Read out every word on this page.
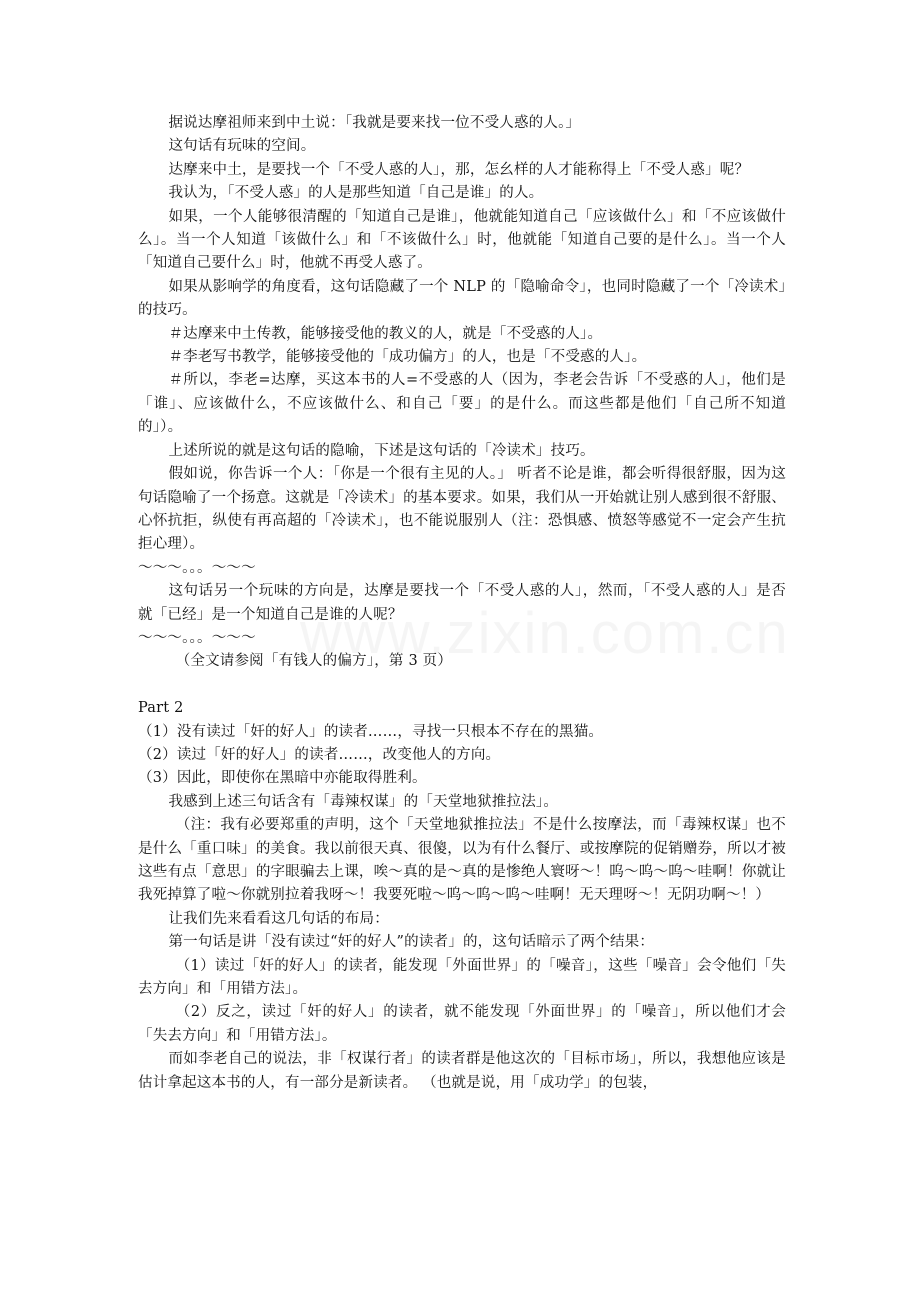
据说达摩祖师来到中土说：「我就是要来找一位不受人惑的人。」

这句话有玩味的空间。

达摩来中土，是要找一个「不受人惑的人」，那，怎幺样的人才能称得上「不受人惑」呢？

我认为，「不受人惑」的人是那些知道「自己是谁」的人。

如果，一个人能够很清醒的「知道自己是谁」，他就能知道自己「应该做什么」和「不应该做什么」。当一个人知道「该做什么」和「不该做什么」时，他就能「知道自己要的是什么」。当一个人「知道自己要什么」时，他就不再受人惑了。

如果从影响学的角度看，这句话隐藏了一个 NLP 的「隐喻命令」，也同时隐藏了一个「冷读术」的技巧。

＃达摩来中土传教，能够接受他的教义的人，就是「不受惑的人」。

＃李老写书教学，能够接受他的「成功偏方」的人，也是「不受惑的人」。

＃所以，李老=达摩，买这本书的人=不受惑的人（因为，李老会告诉「不受惑的人」，他们是「谁」、应该做什么，不应该做什么、和自己「要」的是什么。而这些都是他们「自己所不知道的」）。

上述所说的就是这句话的隐喻，下述是这句话的「冷读术」技巧。

假如说，你告诉一个人：「你是一个很有主见的人。」 听者不论是谁，都会听得很舒服，因为这句话隐喻了一个扬意。这就是「冷读术」的基本要求。如果，我们从一开始就让别人感到很不舒服、心怀抗拒，纵使有再高超的「冷读术」，也不能说服别人（注：恐惧感、愤怒等感觉不一定会产生抗拒心理）。

～～～。。。～～～

这句话另一个玩味的方向是，达摩是要找一个「不受人惑的人」，然而，「不受人惑的人」是否就「已经」是一个知道自己是谁的人呢？

～～～。。。～～～

（全文请参阅「有钱人的偏方」，第 3 页）

Part 2

（1）没有读过「奸的好人」的读者……，寻找一只根本不存在的黑猫。

（2）读过「奸的好人」的读者……，改变他人的方向。

（3）因此，即使你在黑暗中亦能取得胜利。

我感到上述三句话含有「毒辣权谋」的「天堂地狱推拉法」。

（注：我有必要郑重的声明，这个「天堂地狱推拉法」不是什么按摩法，而「毒辣权谋」也不是什么「重口味」的美食。我以前很天真、很傻，以为有什么餐厅、或按摩院的促销赠券，所以才被这些有点「意思」的字眼骗去上课，唉～真的是～真的是惨绝人寰呀～！呜～呜～呜～哇啊！你就让我死掉算了啦～你就别拉着我呀～！我要死啦～呜～呜～呜～哇啊！无天理呀～！无阴功啊～！）

让我们先来看看这几句话的布局：

第一句话是讲「没有读过“奸的好人”的读者」的，这句话暗示了两个结果：

（1）读过「奸的好人」的读者，能发现「外面世界」的「噪音」，这些「噪音」会令他们「失去方向」和「用错方法」。

（2）反之，读过「奸的好人」的读者，就不能发现「外面世界」的「噪音」，所以他们才会「失去方向」和「用错方法」。

而如李老自己的说法，非「权谋行者」的读者群是他这次的「目标市场」，所以，我想他应该是估计拿起这本书的人，有一部分是新读者。 （也就是说，用「成功学」的包装，
